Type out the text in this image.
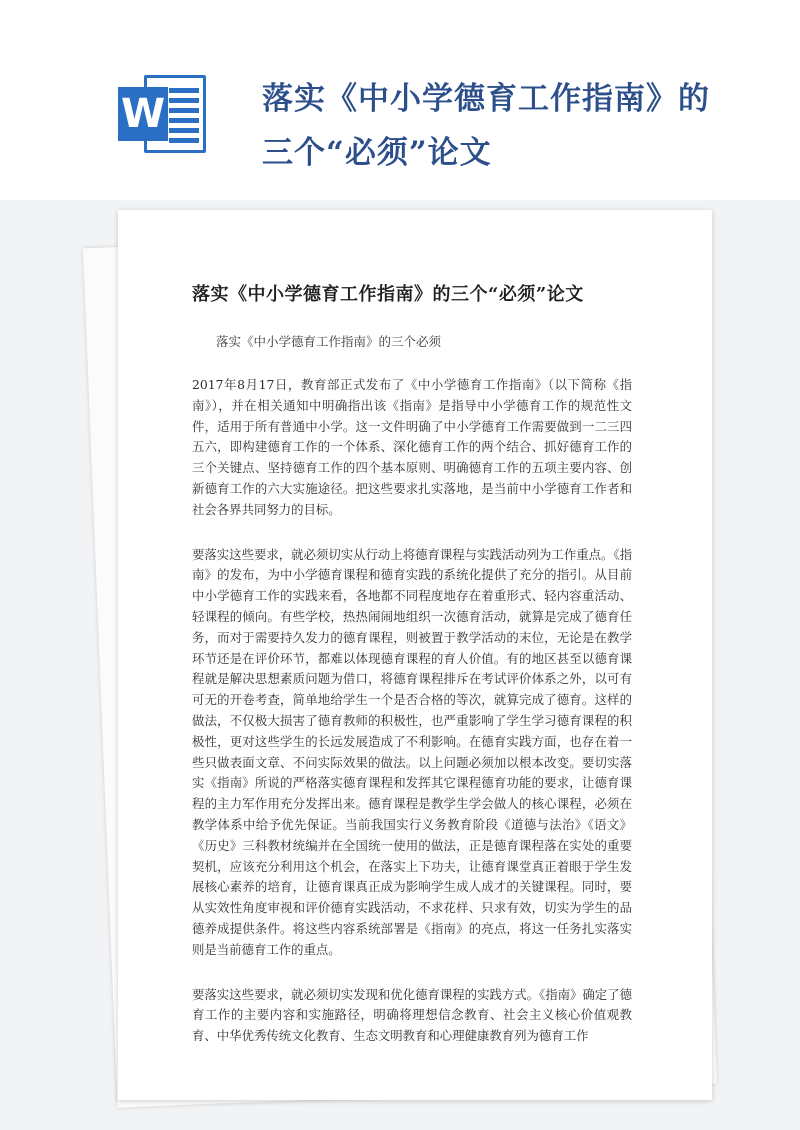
W	落实《中小学德育工作指南》的三个“必须”论文
落实《中小学德育工作指南》的三个“必须”论文

落实《中小学德育工作指南》的三个必须

2017年8月17日，教育部正式发布了《中小学德育工作指南》（以下简称《指南》），并在相关通知中明确指出该《指南》是指导中小学德育工作的规范性文件，适用于所有普通中小学。这一文件明确了中小学德育工作需要做到一二三四五六，即构建德育工作的一个体系、深化德育工作的两个结合、抓好德育工作的三个关键点、坚持德育工作的四个基本原则、明确德育工作的五项主要内容、创新德育工作的六大实施途径。把这些要求扎实落地，是当前中小学德育工作者和社会各界共同努力的目标。

要落实这些要求，就必须切实从行动上将德育课程与实践活动列为工作重点。《指南》的发布，为中小学德育课程和德育实践的系统化提供了充分的指引。从目前中小学德育工作的实践来看，各地都不同程度地存在着重形式、轻内容重活动、轻课程的倾向。有些学校，热热闹闹地组织一次德育活动，就算是完成了德育任务，而对于需要持久发力的德育课程，则被置于教学活动的末位，无论是在教学环节还是在评价环节，都难以体现德育课程的育人价值。有的地区甚至以德育课程就是解决思想素质问题为借口，将德育课程排斥在考试评价体系之外，以可有可无的开卷考查，简单地给学生一个是否合格的等次，就算完成了德育。这样的做法，不仅极大损害了德育教师的积极性，也严重影响了学生学习德育课程的积极性，更对这些学生的长远发展造成了不利影响。在德育实践方面，也存在着一些只做表面文章、不问实际效果的做法。以上问题必须加以根本改变。要切实落实《指南》所说的严格落实德育课程和发挥其它课程德育功能的要求，让德育课程的主力军作用充分发挥出来。德育课程是教学生学会做人的核心课程，必须在教学体系中给予优先保证。当前我国实行义务教育阶段《道德与法治》《语文》《历史》三科教材统编并在全国统一使用的做法，正是德育课程落在实处的重要契机，应该充分利用这个机会，在落实上下功夫，让德育课堂真正着眼于学生发展核心素养的培育，让德育课真正成为影响学生成人成才的关键课程。同时，要从实效性角度审视和评价德育实践活动，不求花样、只求有效，切实为学生的品德养成提供条件。将这些内容系统部署是《指南》的亮点，将这一任务扎实落实则是当前德育工作的重点。

要落实这些要求，就必须切实发现和优化德育课程的实践方式。《指南》确定了德育工作的主要内容和实施路径，明确将理想信念教育、社会主义核心价值观教育、中华优秀传统文化教育、生态文明教育和心理健康教育列为德育工作
